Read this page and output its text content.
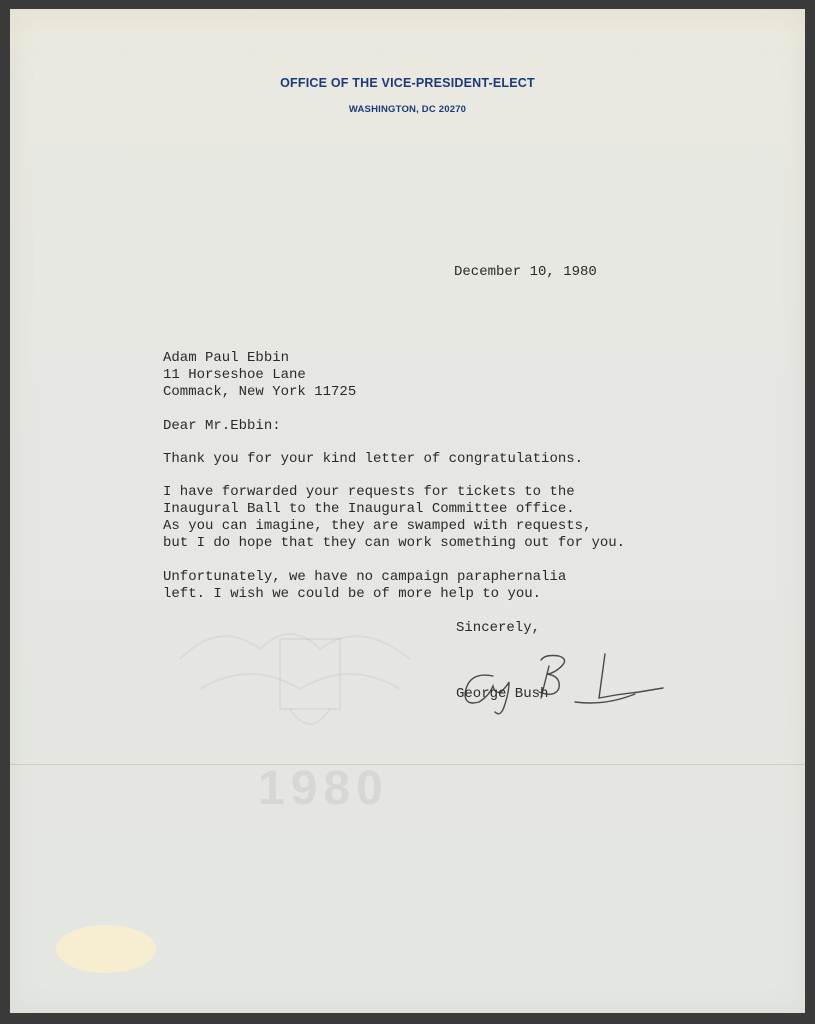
1980
OFFICE OF THE VICE-PRESIDENT-ELECT
WASHINGTON, DC 20270
December 10, 1980
Adam Paul Ebbin
11 Horseshoe Lane
Commack, New York 11725
Dear Mr.Ebbin:
Thank you for your kind letter of congratulations.
I have forwarded your requests for tickets to the
Inaugural Ball to the Inaugural Committee office.
As you can imagine, they are swamped with requests,
but I do hope that they can work something out for you.
Unfortunately, we have no campaign paraphernalia
left. I wish we could be of more help to you.
Sincerely,
George Bush
